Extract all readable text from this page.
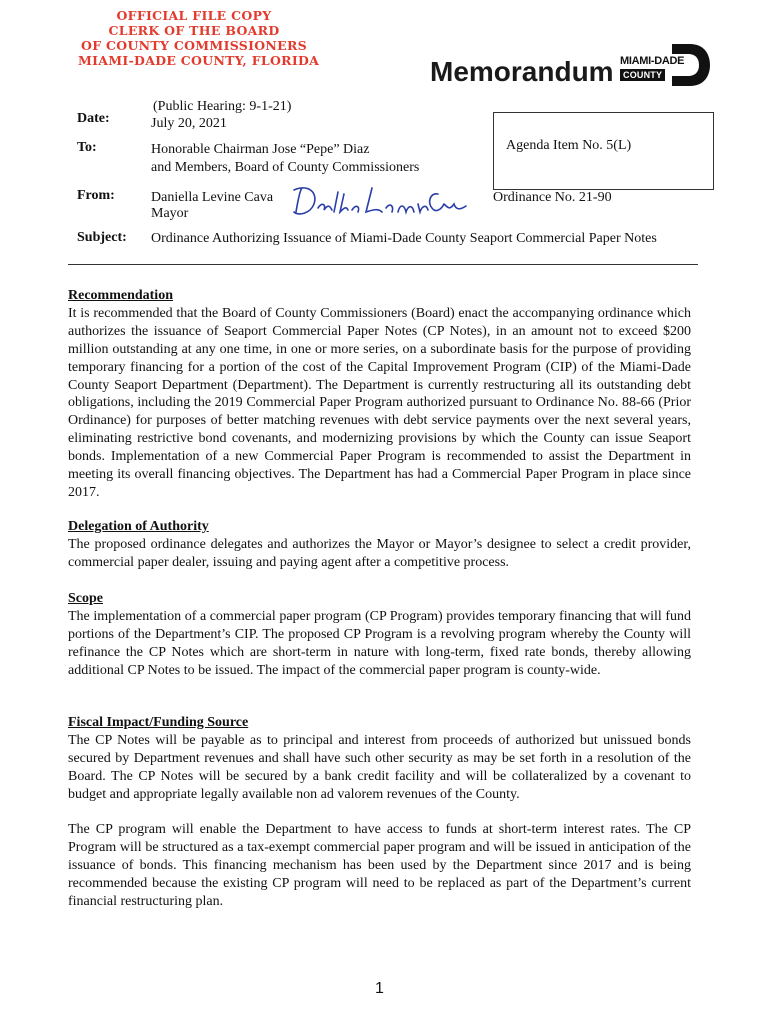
OFFICIAL FILE COPY
CLERK OF THE BOARD
OF COUNTY COMMISSIONERS
MIAMI-DADE COUNTY, FLORIDA	Memorandum MIAMI-DADE
COUNTY
(Public Hearing: 9-1-21)
Date:	July 20, 2021
To:	Honorable Chairman Jose “Pepe” Diaz
and Members, Board of County Commissioners
Agenda Item No. 5(L)
From:	Daniella Levine Cava
Mayor
Ordinance No. 21-90
Subject: Ordinance Authorizing Issuance of Miami-Dade County Seaport Commercial Paper Notes
Recommendation

It is recommended that the Board of County Commissioners (Board) enact the accompanying ordinance which authorizes the issuance of Seaport Commercial Paper Notes (CP Notes), in an amount not to exceed $200 million outstanding at any one time, in one or more series, on a subordinate basis for the purpose of providing temporary financing for a portion of the cost of the Capital Improvement Program (CIP) of the Miami-Dade County Seaport Department (Department). The Department is currently restructuring all its outstanding debt obligations, including the 2019 Commercial Paper Program authorized pursuant to Ordinance No. 88-66 (Prior Ordinance) for purposes of better matching revenues with debt service payments over the next several years, eliminating restrictive bond covenants, and modernizing provisions by which the County can issue Seaport bonds. Implementation of a new Commercial Paper Program is recommended to assist the Department in meeting its overall financing objectives. The Department has had a Commercial Paper Program in place since 2017.

Delegation of Authority

The proposed ordinance delegates and authorizes the Mayor or Mayor’s designee to select a credit provider, commercial paper dealer, issuing and paying agent after a competitive process.

Scope

The implementation of a commercial paper program (CP Program) provides temporary financing that will fund portions of the Department’s CIP. The proposed CP Program is a revolving program whereby the County will refinance the CP Notes which are short-term in nature with long-term, fixed rate bonds, thereby allowing additional CP Notes to be issued. The impact of the commercial paper program is county-wide.

Fiscal Impact/Funding Source

The CP Notes will be payable as to principal and interest from proceeds of authorized but unissued bonds secured by Department revenues and shall have such other security as may be set forth in a resolution of the Board. The CP Notes will be secured by a bank credit facility and will be collateralized by a covenant to budget and appropriate legally available non ad valorem revenues of the County.

The CP program will enable the Department to have access to funds at short-term interest rates. The CP Program will be structured as a tax-exempt commercial paper program and will be issued in anticipation of the issuance of bonds. This financing mechanism has been used by the Department since 2017 and is being recommended because the existing CP program will need to be replaced as part of the Department’s current financial restructuring plan.

1
